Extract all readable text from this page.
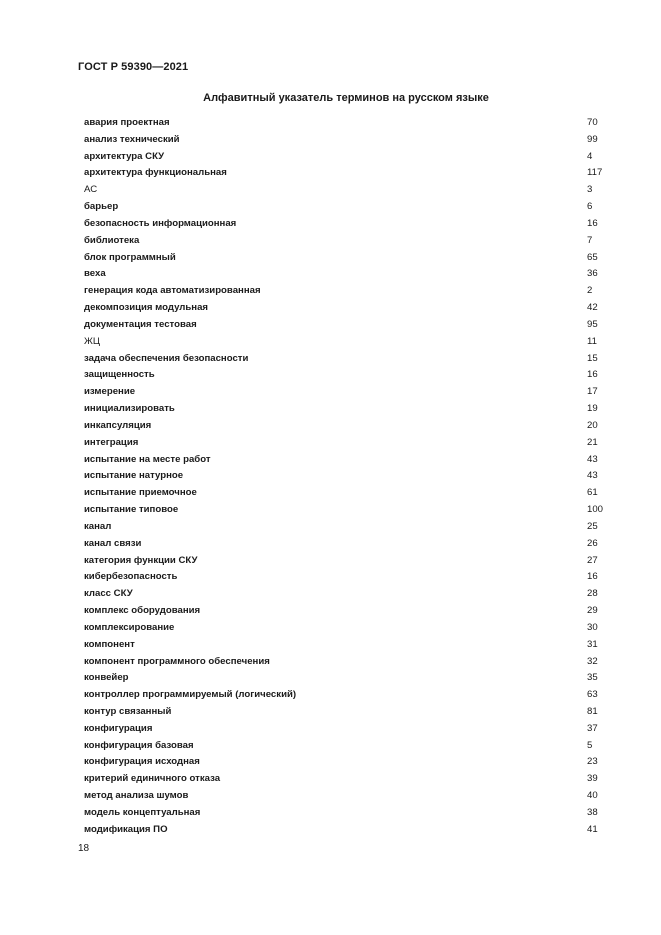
ГОСТ Р 59390—2021
Алфавитный указатель терминов на русском языке
авария проектная	70
анализ технический	99
архитектура СКУ	4
архитектура функциональная	117
АС	3
барьер	6
безопасность информационная	16
библиотека	7
блок программный	65
веха	36
генерация кода автоматизированная	2
декомпозиция модульная	42
документация тестовая	95
ЖЦ	11
задача обеспечения безопасности	15
защищенность	16
измерение	17
инициализировать	19
инкапсуляция	20
интеграция	21
испытание на месте работ	43
испытание натурное	43
испытание приемочное	61
испытание типовое	100
канал	25
канал связи	26
категория функции СКУ	27
кибербезопасность	16
класс СКУ	28
комплекс оборудования	29
комплексирование	30
компонент	31
компонент программного обеспечения	32
конвейер	35
контроллер программируемый (логический)	63
контур связанный	81
конфигурация	37
конфигурация базовая	5
конфигурация исходная	23
критерий единичного отказа	39
метод анализа шумов	40
модель концептуальная	38
модификация ПО	41
18
